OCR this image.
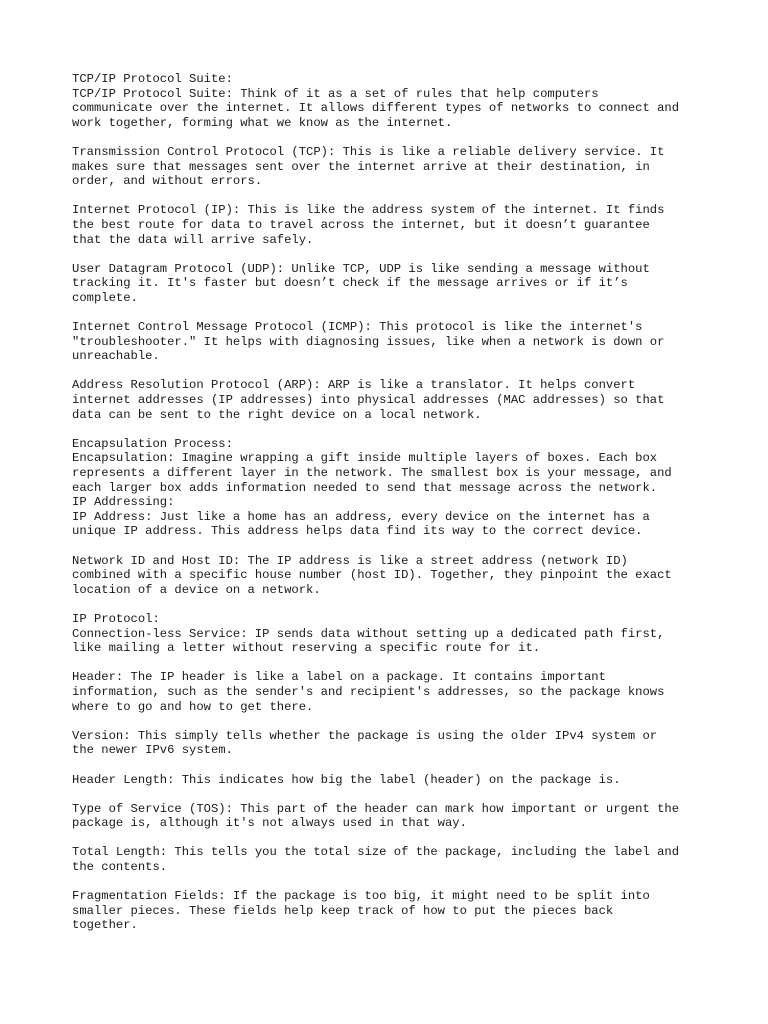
TCP/IP Protocol Suite:
TCP/IP Protocol Suite: Think of it as a set of rules that help computers
communicate over the internet. It allows different types of networks to connect and
work together, forming what we know as the internet.
Transmission Control Protocol (TCP): This is like a reliable delivery service. It
makes sure that messages sent over the internet arrive at their destination, in
order, and without errors.
Internet Protocol (IP): This is like the address system of the internet. It finds
the best route for data to travel across the internet, but it doesn’t guarantee
that the data will arrive safely.
User Datagram Protocol (UDP): Unlike TCP, UDP is like sending a message without
tracking it. It's faster but doesn’t check if the message arrives or if it’s
complete.
Internet Control Message Protocol (ICMP): This protocol is like the internet's
"troubleshooter." It helps with diagnosing issues, like when a network is down or
unreachable.
Address Resolution Protocol (ARP): ARP is like a translator. It helps convert
internet addresses (IP addresses) into physical addresses (MAC addresses) so that
data can be sent to the right device on a local network.
Encapsulation Process:
Encapsulation: Imagine wrapping a gift inside multiple layers of boxes. Each box
represents a different layer in the network. The smallest box is your message, and
each larger box adds information needed to send that message across the network.
IP Addressing:
IP Address: Just like a home has an address, every device on the internet has a
unique IP address. This address helps data find its way to the correct device.
Network ID and Host ID: The IP address is like a street address (network ID)
combined with a specific house number (host ID). Together, they pinpoint the exact
location of a device on a network.
IP Protocol:
Connection-less Service: IP sends data without setting up a dedicated path first,
like mailing a letter without reserving a specific route for it.
Header: The IP header is like a label on a package. It contains important
information, such as the sender's and recipient's addresses, so the package knows
where to go and how to get there.
Version: This simply tells whether the package is using the older IPv4 system or
the newer IPv6 system.
Header Length: This indicates how big the label (header) on the package is.
Type of Service (TOS): This part of the header can mark how important or urgent the
package is, although it's not always used in that way.
Total Length: This tells you the total size of the package, including the label and
the contents.
Fragmentation Fields: If the package is too big, it might need to be split into
smaller pieces. These fields help keep track of how to put the pieces back
together.
